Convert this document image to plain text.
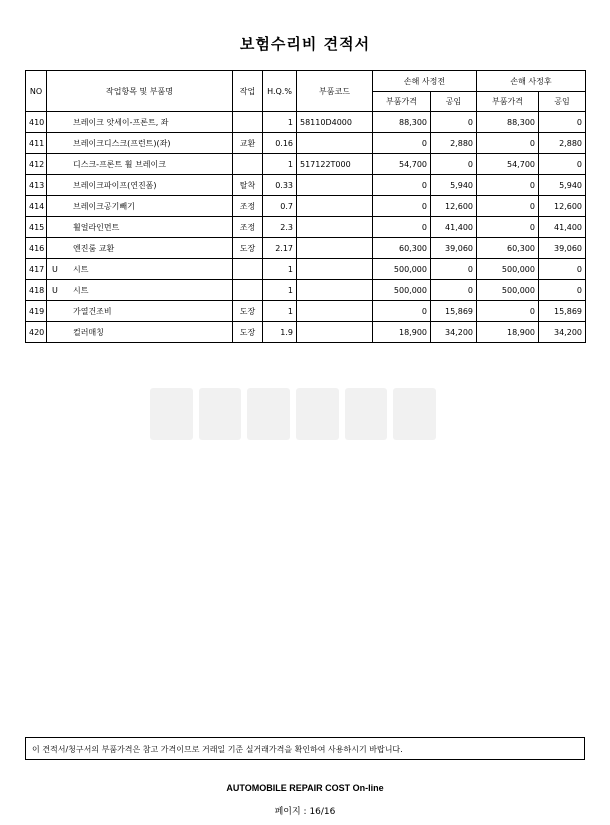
보험수리비 견적서
NO	작업항목 및 부품명	작업	H.Q.%	부품코드	손해 사정전		손해 사정후	
					부품가격	공임	부품가격	공임
410	브레이크 앗세이-프론트, 좌		1	58110D4000	88,300	0	88,300	0
411	브레이크디스크(프런트)(좌)	교환	0.16		0	2,880	0	2,880
412	디스크-프론트 휠 브레이크		1	517122T000	54,700	0	54,700	0
413	브레이크파이프(연진폼)	탈착	0.33		0	5,940	0	5,940
414	브레이크공기빼기	조정	0.7		0	12,600	0	12,600
415	휠얼라인먼트	조정	2.3		0	41,400	0	41,400
416	엔진룸 교환	도장	2.17		60,300	39,060	60,300	39,060
417	U 시트		1		500,000	0	500,000	0
418	U 시트		1		500,000	0	500,000	0
419	가열건조비	도장	1		0	15,869	0	15,869
420	컬러매칭	도장	1.9		18,900	34,200	18,900	34,200
이 견적서/청구서의 부품가격은 참고 가격이므로 거래일 기준 실거래가격을 확인하여 사용하시기 바랍니다.
AUTOMOBILE REPAIR COST On-line
페이지 : 16/16
